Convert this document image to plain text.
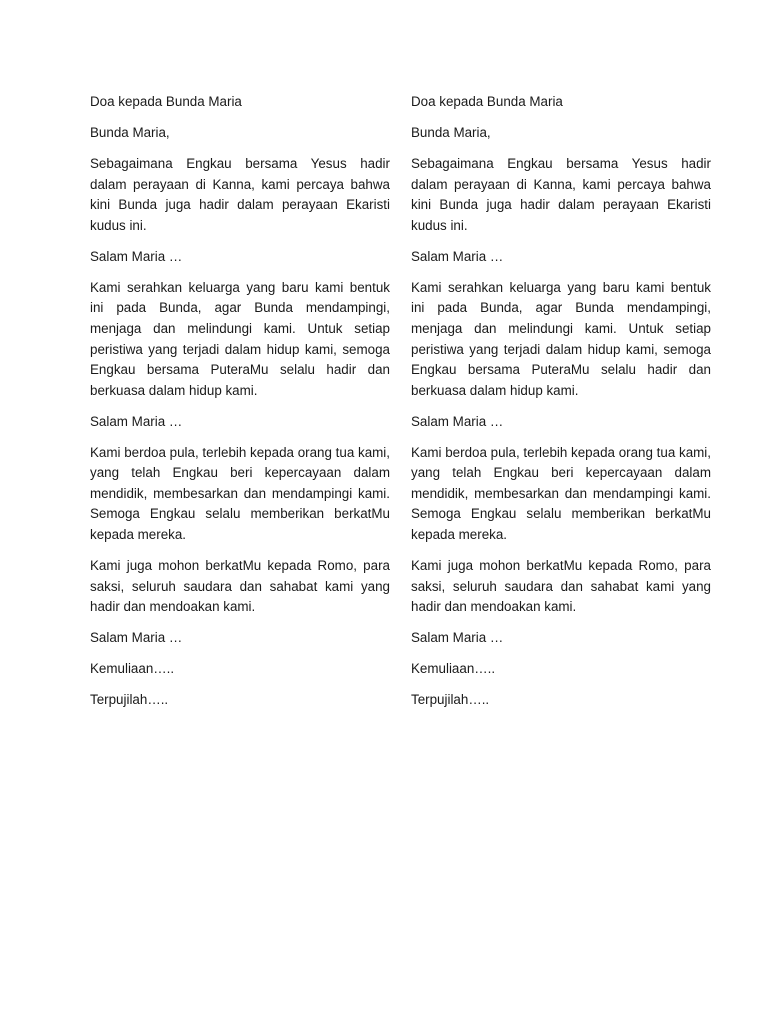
Doa kepada Bunda Maria

Bunda Maria,

Sebagaimana Engkau bersama Yesus hadir dalam perayaan di Kanna, kami percaya bahwa kini Bunda juga hadir dalam perayaan Ekaristi kudus ini.

Salam Maria …

Kami serahkan keluarga yang baru kami bentuk ini pada Bunda, agar Bunda mendampingi, menjaga dan melindungi kami. Untuk setiap peristiwa yang terjadi dalam hidup kami, semoga Engkau bersama PuteraMu selalu hadir dan berkuasa dalam hidup kami.

Salam Maria …

Kami berdoa pula, terlebih kepada orang tua kami, yang telah Engkau beri kepercayaan dalam mendidik, membesarkan dan mendampingi kami. Semoga Engkau selalu memberikan berkatMu kepada mereka.

Kami juga mohon berkatMu kepada Romo, para saksi, seluruh saudara dan sahabat kami yang hadir dan mendoakan kami.

Salam Maria …

Kemuliaan…..

Terpujilah…..

Doa kepada Bunda Maria

Bunda Maria,

Sebagaimana Engkau bersama Yesus hadir dalam perayaan di Kanna, kami percaya bahwa kini Bunda juga hadir dalam perayaan Ekaristi kudus ini.

Salam Maria …

Kami serahkan keluarga yang baru kami bentuk ini pada Bunda, agar Bunda mendampingi, menjaga dan melindungi kami. Untuk setiap peristiwa yang terjadi dalam hidup kami, semoga Engkau bersama PuteraMu selalu hadir dan berkuasa dalam hidup kami.

Salam Maria …

Kami berdoa pula, terlebih kepada orang tua kami, yang telah Engkau beri kepercayaan dalam mendidik, membesarkan dan mendampingi kami. Semoga Engkau selalu memberikan berkatMu kepada mereka.

Kami juga mohon berkatMu kepada Romo, para saksi, seluruh saudara dan sahabat kami yang hadir dan mendoakan kami.

Salam Maria …

Kemuliaan…..

Terpujilah…..
